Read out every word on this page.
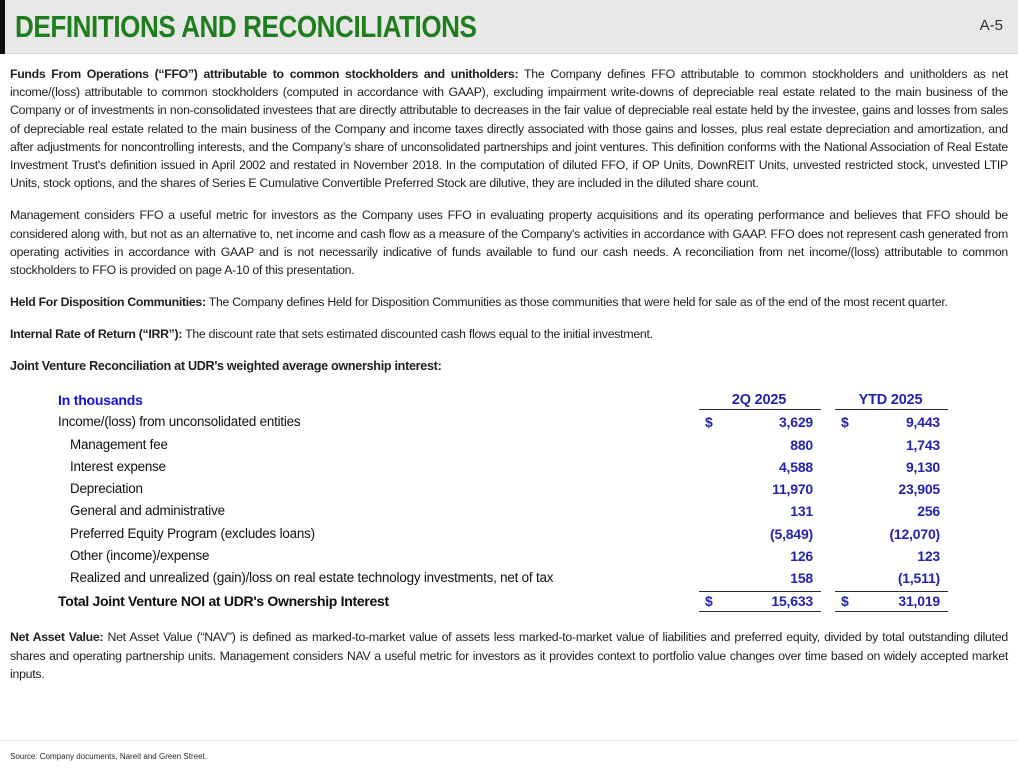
DEFINITIONS AND RECONCILIATIONS	A-5

Funds From Operations (“FFO”) attributable to common stockholders and unitholders: The Company defines FFO attributable to common stockholders and unitholders as net income/(loss) attributable to common stockholders (computed in accordance with GAAP), excluding impairment write-downs of depreciable real estate related to the main business of the Company or of investments in non-consolidated investees that are directly attributable to decreases in the fair value of depreciable real estate held by the investee, gains and losses from sales of depreciable real estate related to the main business of the Company and income taxes directly associated with those gains and losses, plus real estate depreciation and amortization, and after adjustments for noncontrolling interests, and the Company’s share of unconsolidated partnerships and joint ventures. This definition conforms with the National Association of Real Estate Investment Trust's definition issued in April 2002 and restated in November 2018. In the computation of diluted FFO, if OP Units, DownREIT Units, unvested restricted stock, unvested LTIP Units, stock options, and the shares of Series E Cumulative Convertible Preferred Stock are dilutive, they are included in the diluted share count.

Management considers FFO a useful metric for investors as the Company uses FFO in evaluating property acquisitions and its operating performance and believes that FFO should be considered along with, but not as an alternative to, net income and cash flow as a measure of the Company's activities in accordance with GAAP. FFO does not represent cash generated from operating activities in accordance with GAAP and is not necessarily indicative of funds available to fund our cash needs. A reconciliation from net income/(loss) attributable to common stockholders to FFO is provided on page A-10 of this presentation.

Held For Disposition Communities: The Company defines Held for Disposition Communities as those communities that were held for sale as of the end of the most recent quarter.

Internal Rate of Return (“IRR”): The discount rate that sets estimated discounted cash flows equal to the initial investment.

Joint Venture Reconciliation at UDR's weighted average ownership interest:
In thousands	2Q 2025	YTD 2025
Income/(loss) from unconsolidated entities	$	3,629 $	9,443
Management fee	880	1,743
Interest expense	4,588	9,130
Depreciation	11,970	23,905
General and administrative	131	256
Preferred Equity Program (excludes loans)	(5,849)	(12,070)
Other (income)/expense	126	123
Realized and unrealized (gain)/loss on real estate technology investments, net of tax	158	(1,511)
Total Joint Venture NOI at UDR's Ownership Interest	$	15,633 $	31,019

Net Asset Value: Net Asset Value (“NAV”) is defined as marked-to-market value of assets less marked-to-market value of liabilities and preferred equity, divided by total outstanding diluted shares and operating partnership units. Management considers NAV a useful metric for investors as it provides context to portfolio value changes over time based on widely accepted market inputs.

Source: Company documents, Nareit and Green Street.
